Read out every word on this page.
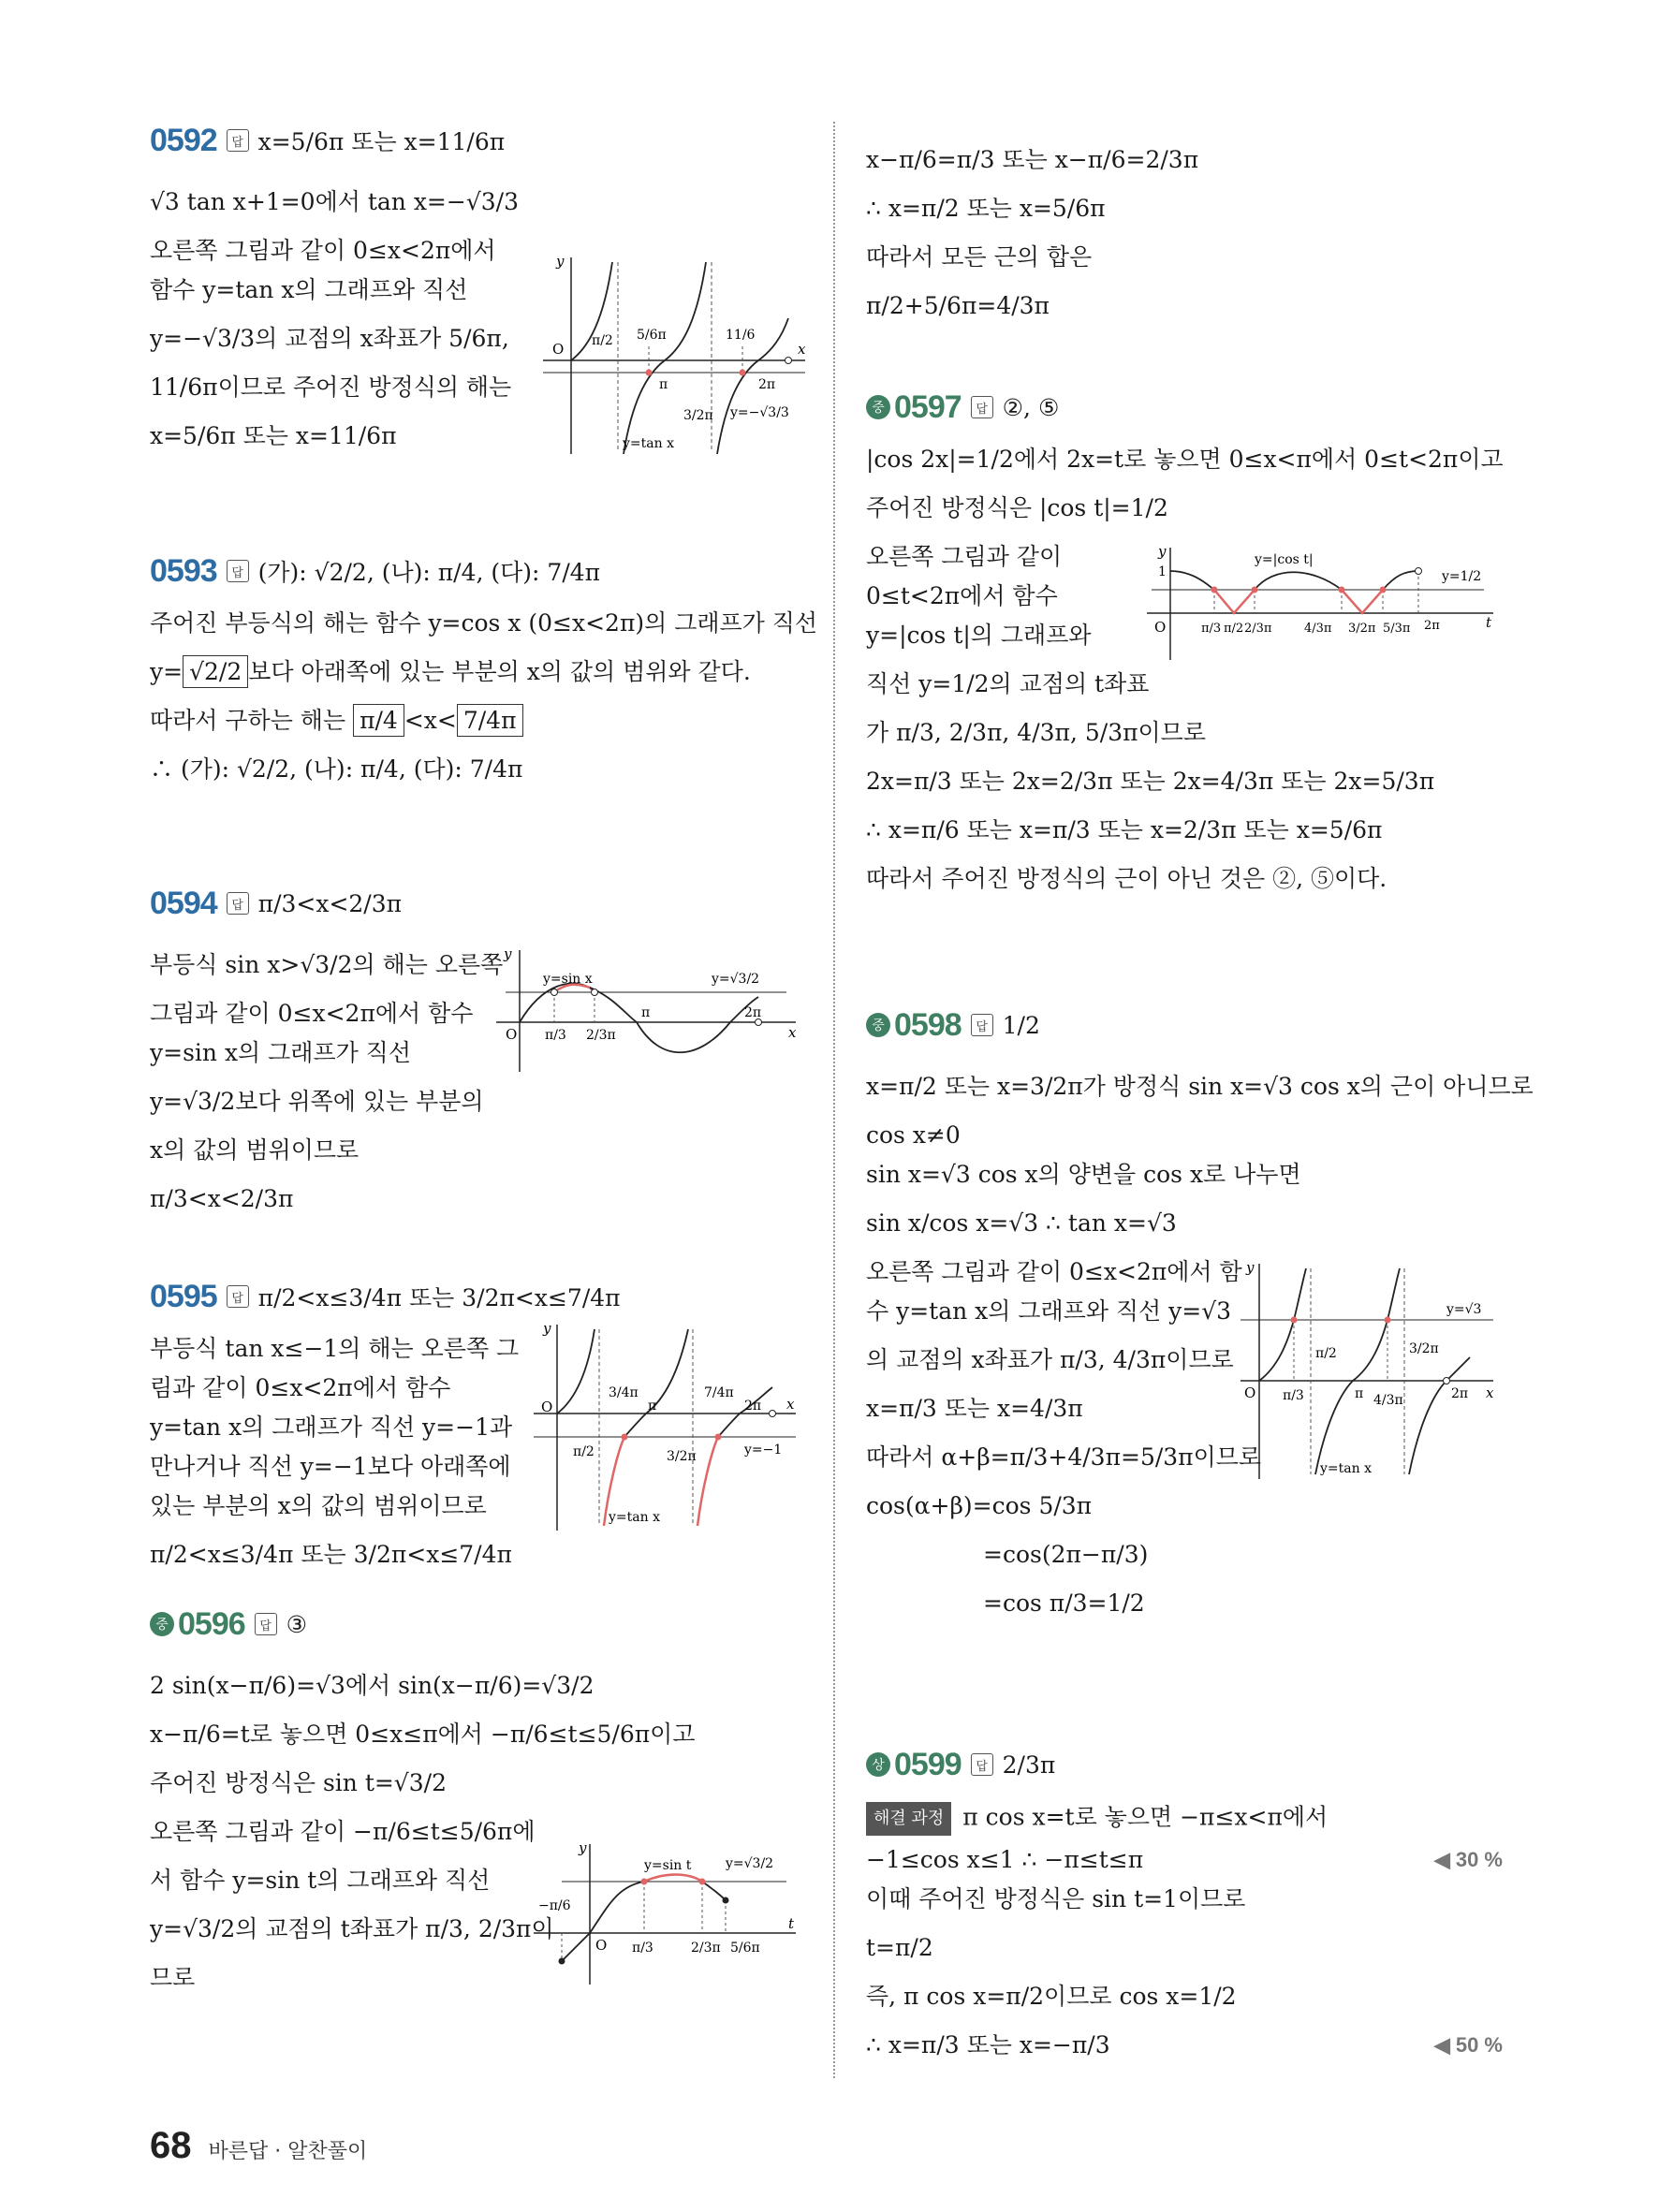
0592	답 x=5/6π 또는 x=11/6π
√3 tan x+1=0에서 tan x=−√3/3
오른쪽 그림과 같이 0≤x<2π에서
함수 y=tan x의 그래프와 직선
y=−√3/3의 교점의 x좌표가 5/6π,
11/6π이므로 주어진 방정식의 해는
x=5/6π 또는 x=11/6π
y
x
O π/2 5/6π	11/6
π	2π
3/2π y=−√3/3
y=tan x
0593	답 (가): √2/2, (나): π/4, (다): 7/4π
주어진 부등식의 해는 함수 y=cos x (0≤x<2π)의 그래프가 직선
y= √2/2 보다 아래쪽에 있는 부분의 x의 값의 범위와 같다.
따라서 구하는 해는 π/4 <x< 7/4π
∴ (가): √2/2, (나): π/4, (다): 7/4π
0594	답 π/3<x<2/3π
부등식 sin x>√3/2의 해는 오른쪽
그림과 같이 0≤x<2π에서 함수
y=sin x의 그래프가 직선
y=√3/2보다 위쪽에 있는 부분의
x의 값의 범위이므로
π/3<x<2/3π
y
x
O π/3 2/3π
π	2π
y=sin x	y=√3/2
0595	답 π/2<x≤3/4π 또는 3/2π<x≤7/4π
부등식 tan x≤−1의 해는 오른쪽 그
림과 같이 0≤x<2π에서 함수
y=tan x의 그래프가 직선 y=−1과
만나거나 직선 y=−1보다 아래쪽에
있는 부분의 x의 값의 범위이므로
π/2<x≤3/4π 또는 3/2π<x≤7/4π
y
x
O
3/4π	7/4π
π	2π
π/2	3/2π	y=−1
y=tan x
중 0596	답 ③
2 sin(x−π/6)=√3에서 sin(x−π/6)=√3/2
x−π/6=t로 놓으면 0≤x≤π에서 −π/6≤t≤5/6π이고
주어진 방정식은 sin t=√3/2
오른쪽 그림과 같이 −π/6≤t≤5/6π에
서 함수 y=sin t의 그래프와 직선
y=√3/2의 교점의 t좌표가 π/3, 2/3π이
므로
y
t
O
−π/6
π/3	2/3π 5/6π
y=sin t	y=√3/2
x−π/6=π/3 또는 x−π/6=2/3π
∴ x=π/2 또는 x=5/6π
따라서 모든 근의 합은
π/2+5/6π=4/3π
중 0597	답 ②, ⑤
|cos 2x|=1/2에서 2x=t로 놓으면 0≤x<π에서 0≤t<2π이고
주어진 방정식은 |cos t|=1/2
오른쪽 그림과 같이
0≤t<2π에서 함수
y=|cos t|의 그래프와
직선 y=1/2의 교점의 t좌표
가 π/3, 2/3π, 4/3π, 5/3π이므로
2x=π/3 또는 2x=2/3π 또는 2x=4/3π 또는 2x=5/3π
∴ x=π/6 또는 x=π/3 또는 x=2/3π 또는 x=5/6π
따라서 주어진 방정식의 근이 아닌 것은 ②, ⑤이다.
y
t
O
1
y=|cos t|
y=1/2
π/3 π/2 2/3π	4/3π 3/2π 5/3π 2π
중 0598	답 1/2
x=π/2 또는 x=3/2π가 방정식 sin x=√3 cos x의 근이 아니므로
cos x≠0
sin x=√3 cos x의 양변을 cos x로 나누면
sin x/cos x=√3 ∴ tan x=√3
오른쪽 그림과 같이 0≤x<2π에서 함
수 y=tan x의 그래프와 직선 y=√3
의 교점의 x좌표가 π/3, 4/3π이므로
x=π/3 또는 x=4/3π
따라서 α+β=π/3+4/3π=5/3π이므로
cos(α+β)=cos 5/3π
=cos(2π−π/3)
=cos π/3=1/2
y
x
O
π/2	3/2π
π/3	π 4/3π	2π
y=√3
y=tan x
상 0599	답 2/3π
해결 과정 π cos x=t로 놓으면 −π≤x<π에서
−1≤cos x≤1 ∴ −π≤t≤π	◀ 30 %
이때 주어진 방정식은 sin t=1이므로
t=π/2
즉, π cos x=π/2이므로 cos x=1/2
∴ x=π/3 또는 x=−π/3	◀ 50 %
68 바른답 · 알찬풀이
